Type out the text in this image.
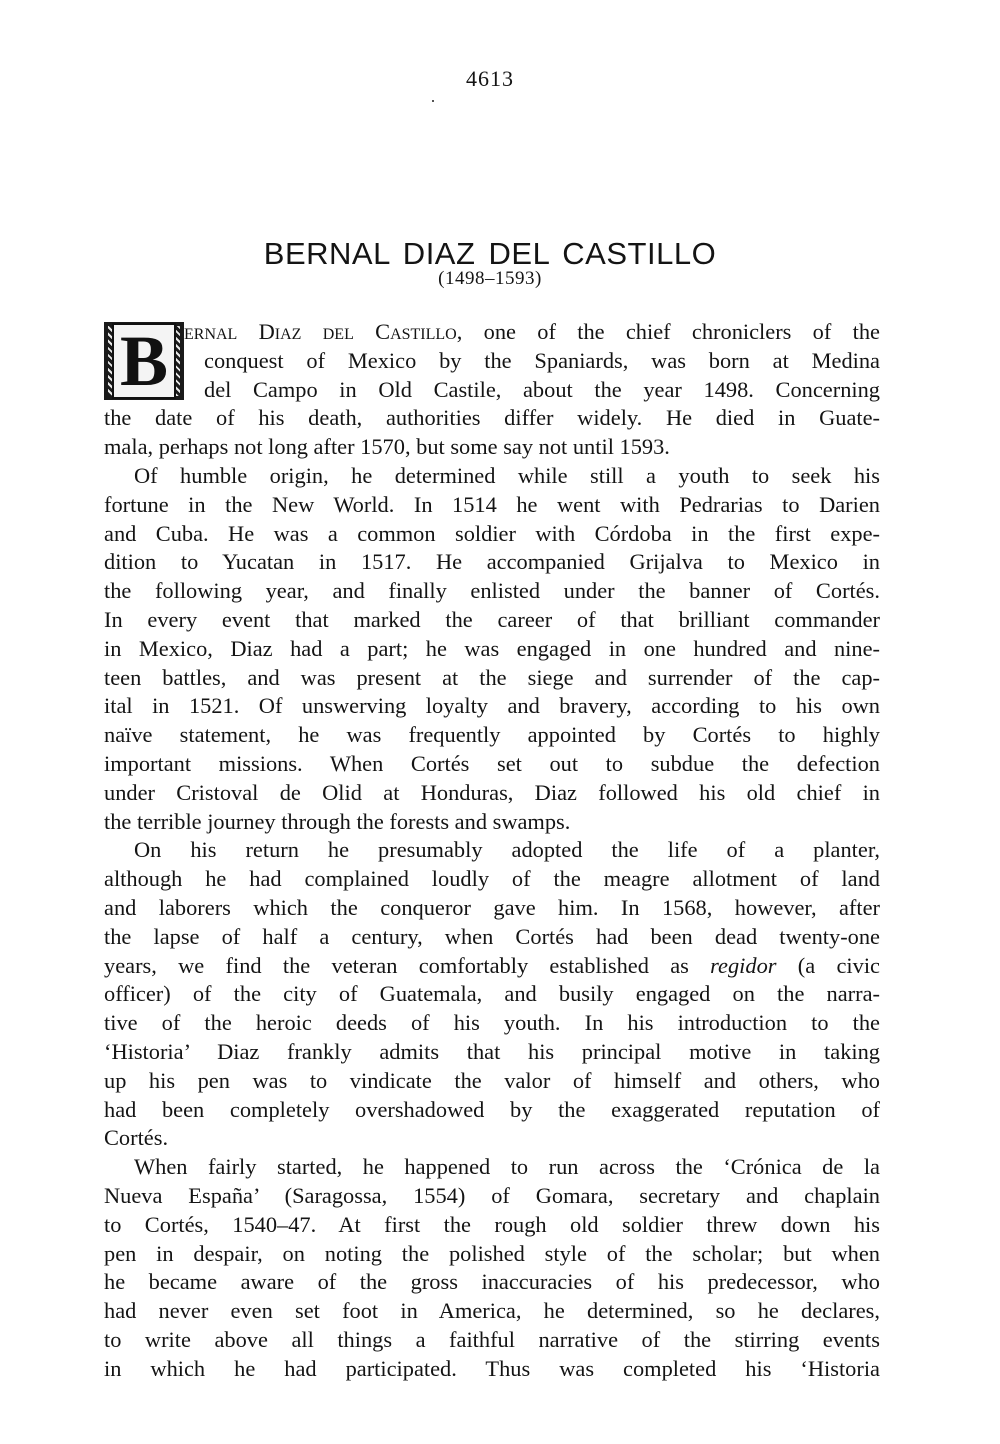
4613
BERNAL DIAZ DEL CASTILLO
(1498–1593)
B ernal Diaz del Castillo, one of the chief chroniclers of the
conquest of Mexico by the Spaniards, was born at Medina
del Campo in Old Castile, about the year 1498. Concerning
the date of his death, authorities differ widely. He died in Guate-
mala, perhaps not long after 1570, but some say not until 1593.
Of humble origin, he determined while still a youth to seek his
fortune in the New World. In 1514 he went with Pedrarias to Darien
and Cuba. He was a common soldier with Córdoba in the first expe-
dition to Yucatan in 1517. He accompanied Grijalva to Mexico in
the following year, and finally enlisted under the banner of Cortés.
In every event that marked the career of that brilliant commander
in Mexico, Diaz had a part; he was engaged in one hundred and nine-
teen battles, and was present at the siege and surrender of the cap-
ital in 1521. Of unswerving loyalty and bravery, according to his own
naïve statement, he was frequently appointed by Cortés to highly
important missions. When Cortés set out to subdue the defection
under Cristoval de Olid at Honduras, Diaz followed his old chief in
the terrible journey through the forests and swamps.
On his return he presumably adopted the life of a planter,
although he had complained loudly of the meagre allotment of land
and laborers which the conqueror gave him. In 1568, however, after
the lapse of half a century, when Cortés had been dead twenty-one
years, we find the veteran comfortably established as regidor (a civic
officer) of the city of Guatemala, and busily engaged on the narra-
tive of the heroic deeds of his youth. In his introduction to the
‘Historia’ Diaz frankly admits that his principal motive in taking
up his pen was to vindicate the valor of himself and others, who
had been completely overshadowed by the exaggerated reputation of
Cortés.
When fairly started, he happened to run across the ‘Crónica de la
Nueva España’ (Saragossa, 1554) of Gomara, secretary and chaplain
to Cortés, 1540–47. At first the rough old soldier threw down his
pen in despair, on noting the polished style of the scholar; but when
he became aware of the gross inaccuracies of his predecessor, who
had never even set foot in America, he determined, so he declares,
to write above all things a faithful narrative of the stirring events
in which he had participated. Thus was completed his ‘Historia
